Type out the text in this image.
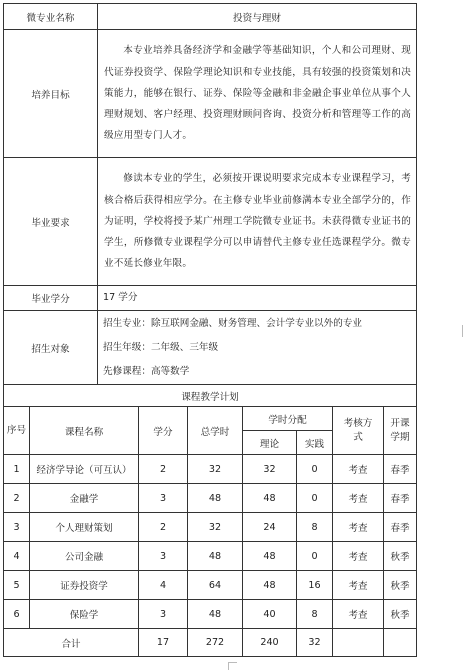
微专业名称		投资与理财						
培养目标		本专业培养具备经济学和金融学等基础知识，个人和公司理财、现代证券投资学、保险学理论知识和专业技能，具有较强的投资策划和决策能力，能够在银行、证券、保险等金融和非金融企事业单位从事个人理财规划、客户经理、投资理财顾问咨询、投资分析和管理等工作的高级应用型专门人才。						
毕业要求		修读本专业的学生，必须按开课说明要求完成本专业课程学习，考核合格后获得相应学分。在主修专业毕业前修满本专业全部学分的，作为证明，学校将授予某广州理工学院微专业证书。未获得微专业证书的学生，所修微专业课程学分可以申请替代主修专业任选课程学分。微专业不延长修业年限。						
毕业学分		17 学分						
招生对象		招生专业：除互联网金融、财务管理、会计学专业以外的专业
招生年级：二年级、三年级
先修课程：高等数学						

课程教学计划								
序号	课程名称		学分	总学时	学时分配		考核方式	开课学期
					理论	实践		
1	经济学导论（可互认）		2	32	32	0	考查	春季
2	金融学		3	48	48	0	考查	春季
3	个人理财策划		2	32	24	8	考查	春季
4	公司金融		3	48	48	0	考查	秋季
5	证券投资学		4	64	48	16	考查	秋季
6	保险学		3	48	40	8	考查	秋季
合计			17	272	240	32		
